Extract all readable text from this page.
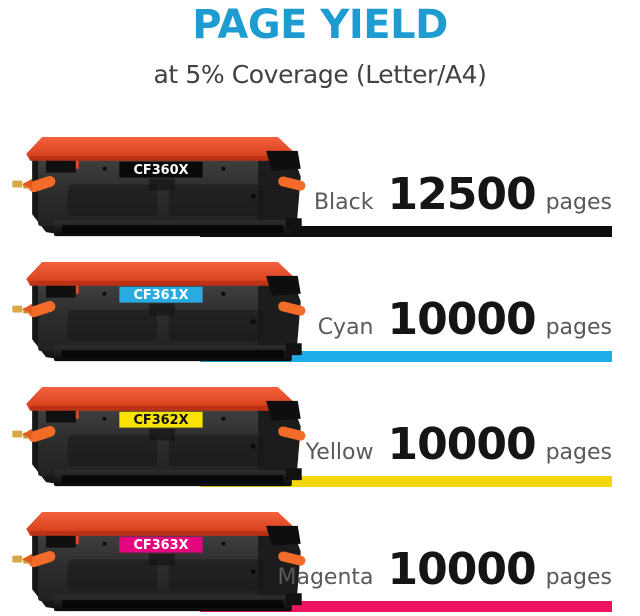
PAGE YIELD
at 5% Coverage (Letter/A4)
CF360X
Black 12500 pages
CF361X
Cyan 10000 pages
CF362X
Yellow 10000 pages
CF363X
Magenta 10000 pages
